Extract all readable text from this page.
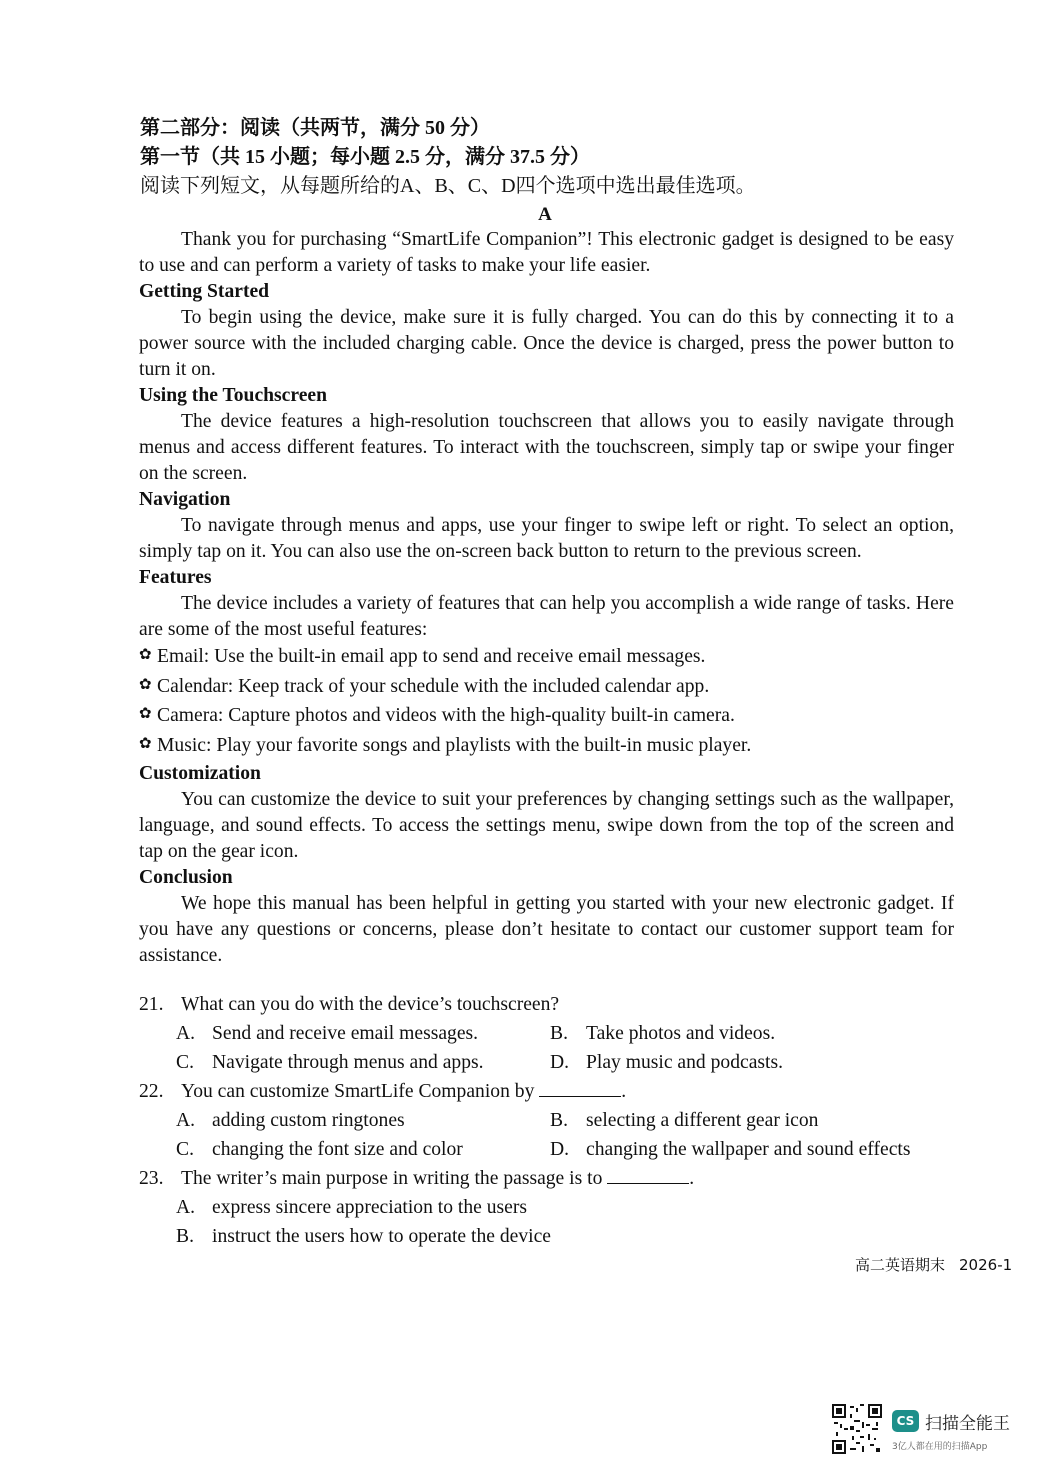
第二部分：阅读（共两节，满分 50 分）
第一节（共 15 小题；每小题 2.5 分，满分 37.5 分）
阅读下列短文，从每题所给的A、B、C、D四个选项中选出最佳选项。
A

Thank you for purchasing “SmartLife Companion”! This electronic gadget is designed to be easy to use and can perform a variety of tasks to make your life easier.

Getting Started

To begin using the device, make sure it is fully charged. You can do this by connecting it to a power source with the included charging cable. Once the device is charged, press the power button to turn it on.

Using the Touchscreen

The device features a high-resolution touchscreen that allows you to easily navigate through menus and access different features. To interact with the touchscreen, simply tap or swipe your finger on the screen.

Navigation

To navigate through menus and apps, use your finger to swipe left or right. To select an option, simply tap on it. You can also use the on-screen back button to return to the previous screen.

Features

The device includes a variety of features that can help you accomplish a wide range of tasks. Here are some of the most useful features:

✿ Email: Use the built-in email app to send and receive email messages.
✿ Calendar: Keep track of your schedule with the included calendar app.
✿ Camera: Capture photos and videos with the high-quality built-in camera.
✿ Music: Play your favorite songs and playlists with the built-in music player.
Customization

You can customize the device to suit your preferences by changing settings such as the wallpaper, language, and sound effects. To access the settings menu, swipe down from the top of the screen and tap on the gear icon.

Conclusion

We hope this manual has been helpful in getting you started with your new electronic gadget. If you have any questions or concerns, please don’t hesitate to contact our customer support team for assistance.

21. What can you do with the device’s touchscreen?
A. Send and receive email messages.	B. Take photos and videos.
C. Navigate through menus and apps.	D. Play music and podcasts.
22. You can customize SmartLife Companion by	.
A. adding custom ringtones	B. selecting a different gear icon
C. changing the font size and color	D. changing the wallpaper and sound effects
23. The writer’s main purpose in writing the passage is to	.
A. express sincere appreciation to the users
B. instruct the users how to operate the device
高二英语期末 2026-1
CS 扫描全能王
3亿人都在用的扫描App
